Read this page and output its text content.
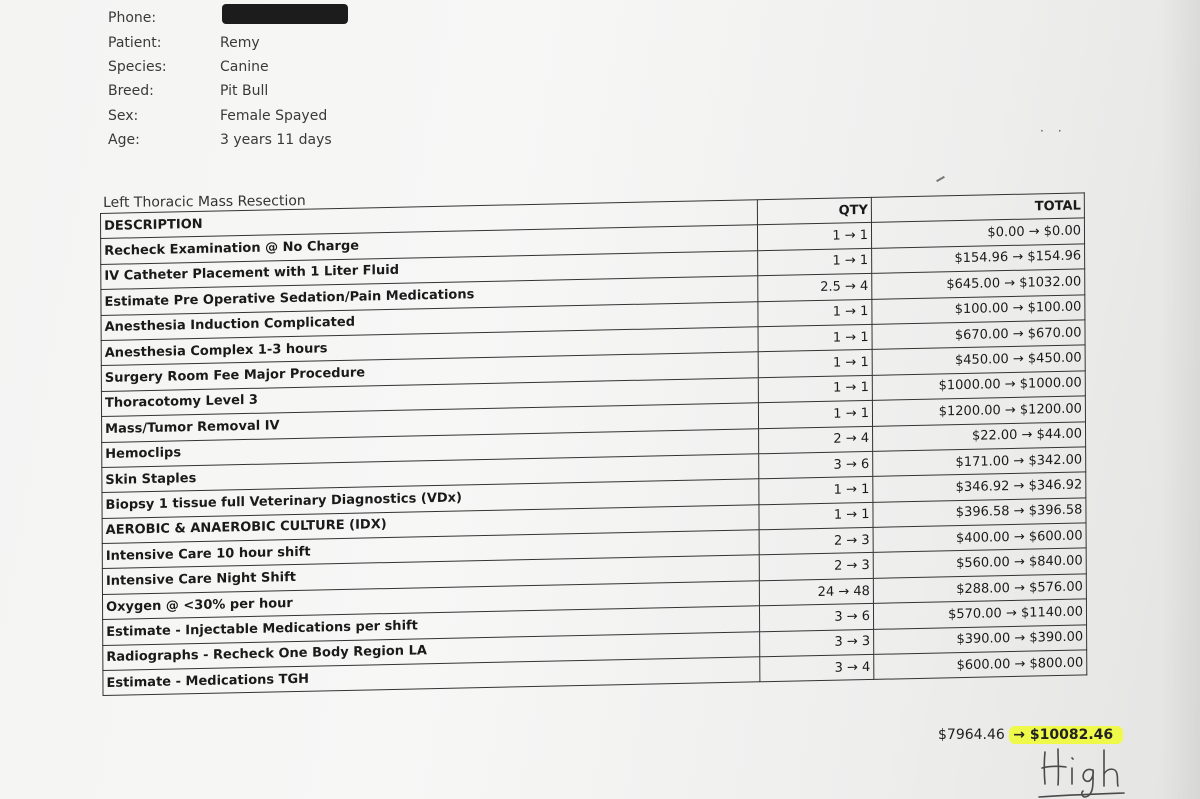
Phone:
Patient:	Remy
Species:	Canine
Breed:	Pit Bull
Sex:	Female Spayed
Age:	3 years 11 days
··
Left Thoracic Mass Resection
DESCRIPTION	QTY	TOTAL
Recheck Examination @ No Charge	1 → 1	$0.00 → $0.00
IV Catheter Placement with 1 Liter Fluid	1 → 1	$154.96 → $154.96
Estimate Pre Operative Sedation/Pain Medications	2.5 → 4	$645.00 → $1032.00
Anesthesia Induction Complicated	1 → 1	$100.00 → $100.00
Anesthesia Complex 1-3 hours	1 → 1	$670.00 → $670.00
Surgery Room Fee Major Procedure	1 → 1	$450.00 → $450.00
Thoracotomy Level 3	1 → 1	$1000.00 → $1000.00
Mass/Tumor Removal IV	1 → 1	$1200.00 → $1200.00
Hemoclips	2 → 4	$22.00 → $44.00
Skin Staples	3 → 6	$171.00 → $342.00
Biopsy 1 tissue full Veterinary Diagnostics (VDx)	1 → 1	$346.92 → $346.92
AEROBIC & ANAEROBIC CULTURE (IDX)	1 → 1	$396.58 → $396.58
Intensive Care 10 hour shift	2 → 3	$400.00 → $600.00
Intensive Care Night Shift	2 → 3	$560.00 → $840.00
Oxygen @ <30% per hour	24 → 48	$288.00 → $576.00
Estimate - Injectable Medications per shift	3 → 6	$570.00 → $1140.00
Radiographs - Recheck One Body Region LA	3 → 3	$390.00 → $390.00
Estimate - Medications TGH	3 → 4	$600.00 → $800.00
$7964.46 → $10082.46
